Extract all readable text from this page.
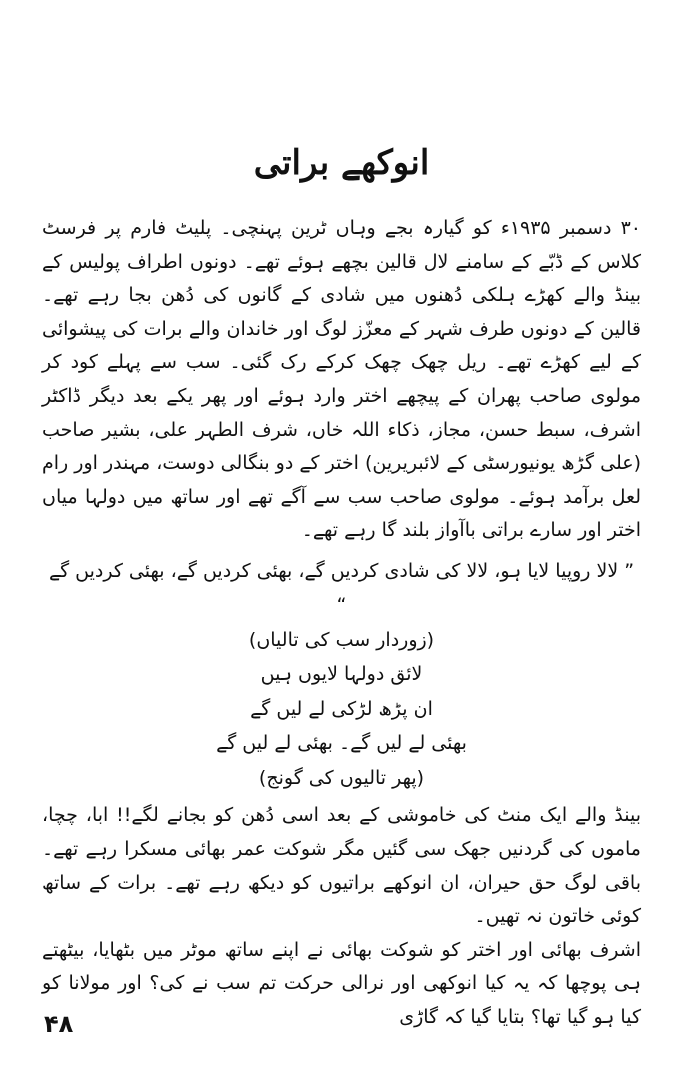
انوکھے براتی

۳۰ دسمبر ۱۹۳۵ء کو گیارہ بجے وہاں ٹرین پہنچی۔ پلیٹ فارم پر فرسٹ کلاس کے ڈبّے کے سامنے لال قالین بچھے ہوئے تھے۔ دونوں اطراف پولیس کے بینڈ والے کھڑے ہلکی دُھنوں میں شادی کے گانوں کی دُھن بجا رہے تھے۔ قالین کے دونوں طرف شہر کے معزّز لوگ اور خاندان والے برات کی پیشوائی کے لیے کھڑے تھے۔ ریل چھک چھک کرکے رک گئی۔ سب سے پہلے کود کر مولوی صاحب پھران کے پیچھے اختر وارد ہوئے اور پھر یکے بعد دیگر ڈاکٹر اشرف، سبط حسن، مجاز، ذکاء اللہ خاں، شرف الطہر علی، بشیر صاحب (علی گڑھ یونیورسٹی کے لائبریرین) اختر کے دو بنگالی دوست، مہندر اور رام لعل برآمد ہوئے۔ مولوی صاحب سب سے آگے تھے اور ساتھ میں دولہا میاں اختر اور سارے براتی باآواز بلند گا رہے تھے۔

” لالا روپیا لایا ہو، لالا کی شادی کردیں گے، بھئی کردیں گے، بھئی کردیں گے “
(زوردار سب کی تالیاں)
لائق دولہا لایوں ہیں
ان پڑھ لڑکی لے لیں گے
بھئی لے لیں گے۔ بھئی لے لیں گے
(پھر تالیوں کی گونج)

بینڈ والے ایک منٹ کی خاموشی کے بعد اسی دُھن کو بجانے لگے!! ابا، چچا، ماموں کی گردنیں جھک سی گئیں مگر شوکت عمر بھائی مسکرا رہے تھے۔ باقی لوگ حق حیران، ان انوکھے براتیوں کو دیکھ رہے تھے۔ برات کے ساتھ کوئی خاتون نہ تھیں۔

اشرف بھائی اور اختر کو شوکت بھائی نے اپنے ساتھ موٹر میں بٹھایا، بیٹھتے ہی پوچھا کہ یہ کیا انوکھی اور نرالی حرکت تم سب نے کی؟ اور مولانا کو کیا ہو گیا تھا؟ بتایا گیا کہ گاڑی

۴۸
